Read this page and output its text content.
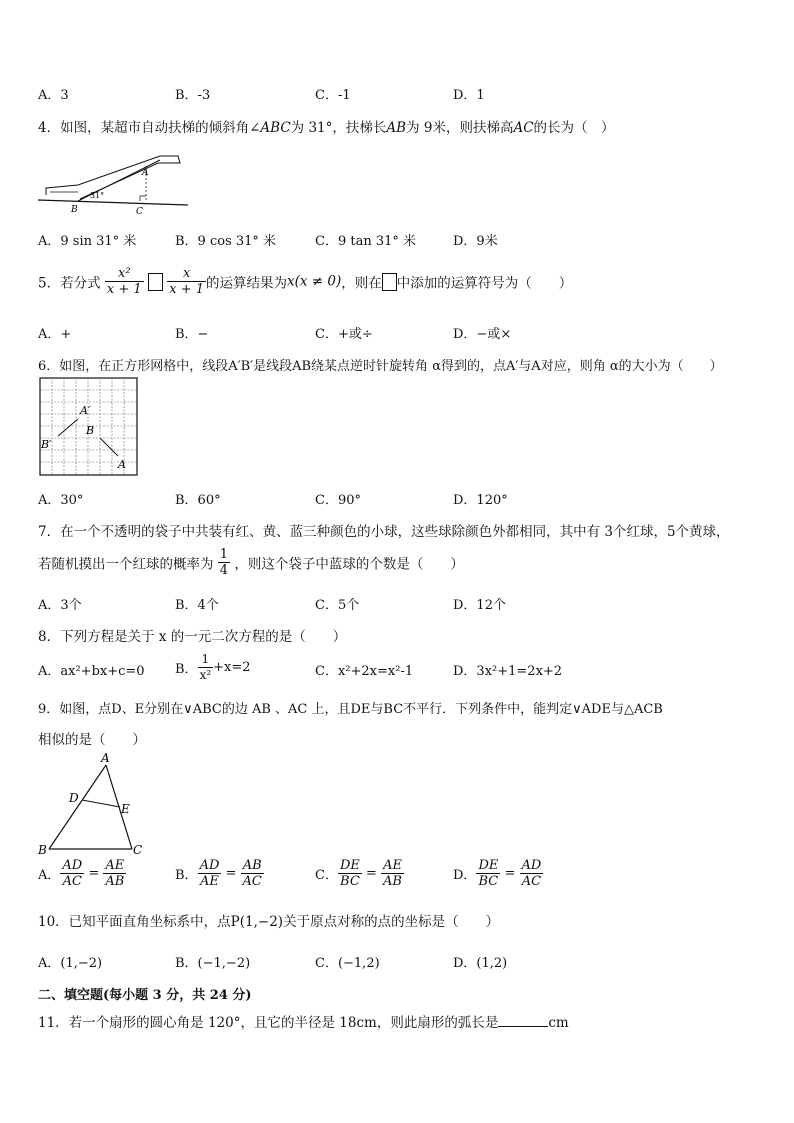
A．3	B．-3	C．-1	D．1
4．如图，某超市自动扶梯的倾斜角∠ABC为 31°，扶梯长AB为 9米，则扶梯高AC的长为（　）
A
B	C
31°
A．9 sin 31° 米	B．9 cos 31° 米	C．9 tan 31° 米	D．9米
5．若分式 $\frac{\text{x²}}{x + 1}$
$\frac{x}{x + 1}$ 的运算结果为x(x ≠ 0)，则在 中添加的运算符号为（　　）
A．+	B．−	C．+或÷	D．−或×
6．如图，在正方形网格中，线段A′B′是线段AB绕某点逆时针旋转角 α得到的，点A′与A对应，则角 α的大小为（　　）
A′
B′
B
A
A．30°	B．60°	C．90°	D．120°
7．在一个不透明的袋子中共装有红、黄、蓝三种颜色的小球，这些球除颜色外都相同，其中有 3个红球，5个黄球，
若随机摸出一个红球的概率为 $\frac{1}{4}$ ，则这个袋子中蓝球的个数是（　　）
A．3个	B．4个	C．5个	D．12个
8．下列方程是关于 x 的一元二次方程的是（　　）
A．ax²+bx+c=0 B． $\frac{1}{\text{x²}} +x=2$	C．x²+2x=x²-1	D．3x²+1=2x+2
9．如图，点D、E分别在∨ABC的边 AB 、AC 上，且DE与BC不平行．下列条件中，能判定∨ADE与△ACB
相似的是（　　）
A
B	C
D
E
A． $\frac{AD}{AC} = \frac{AE}{AB}$	B． $\frac{AD}{AE} = \frac{AB}{AC}$	C． $\frac{DE}{BC} = \frac{AE}{AB}$	D． $\frac{DE}{BC} = \frac{AD}{AC}$
10．已知平面直角坐标系中，点P(1,−2)关于原点对称的点的坐标是（　　）
A．(1,−2)	B．(−1,−2)	C．(−1,2)	D．(1,2)
二、填空题(每小题 3 分，共 24 分)
11．若一个扇形的圆心角是 120°，且它的半径是 18cm，则此扇形的弧长是	cm
